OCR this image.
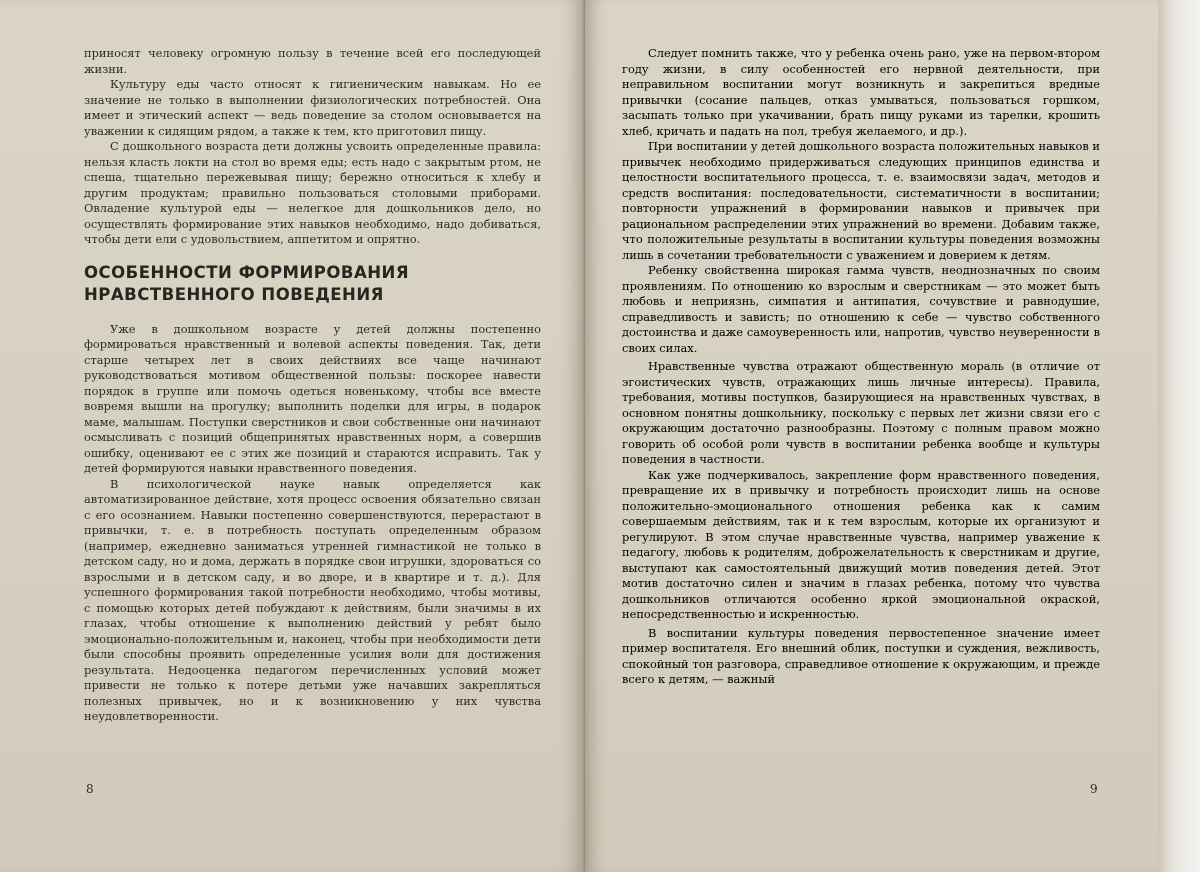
приносят человеку огромную пользу в течение всей его последующей жизни.

Культуру еды часто относят к гигиеническим навыкам. Но ее значение не только в выполнении физиологических потребностей. Она имеет и этический аспект — ведь поведение за столом основывается на уважении к сидящим рядом, а также к тем, кто приготовил пищу.

С дошкольного возраста дети должны усвоить определенные правила: нельзя класть локти на стол во время еды; есть надо с закрытым ртом, не спеша, тщательно пережевывая пищу; бережно относиться к хлебу и другим продуктам; правильно пользоваться столовыми приборами. Овладение культурой еды — нелегкое для дошкольников дело, но осуществлять формирование этих навыков необходимо, надо добиваться, чтобы дети ели с удовольствием, аппетитом и опрятно.

ОСОБЕННОСТИ ФОРМИРОВАНИЯ
НРАВСТВЕННОГО ПОВЕДЕНИЯ

Уже в дошкольном возрасте у детей должны постепенно формироваться нравственный и волевой аспекты поведения. Так, дети старше четырех лет в своих действиях все чаще начинают руководствоваться мотивом общественной пользы: поскорее навести порядок в группе или помочь одеться новенькому, чтобы все вместе вовремя вышли на прогулку; выполнить поделки для игры, в подарок маме, малышам. Поступки сверстников и свои собственные они начинают осмысливать с позиций общепринятых нравственных норм, а совершив ошибку, оценивают ее с этих же позиций и стараются исправить. Так у детей формируются навыки нравственного поведения.

В психологической науке навык определяется как автоматизированное действие, хотя процесс освоения обязательно связан с его осознанием. Навыки постепенно совершенствуются, перерастают в привычки, т. е. в потребность поступать определенным образом (например, ежедневно заниматься утренней гимнастикой не только в детском саду, но и дома, держать в порядке свои игрушки, здороваться со взрослыми и в детском саду, и во дворе, и в квартире и т. д.). Для успешного формирования такой потребности необходимо, чтобы мотивы, с помощью которых детей побуждают к действиям, были значимы в их глазах, чтобы отношение к выполнению действий у ребят было эмоционально-положительным и, наконец, чтобы при необходимости дети были способны проявить определенные усилия воли для достижения результата. Недооценка педагогом перечисленных условий может привести не только к потере детьми уже начавших закрепляться полезных привычек, но и к возникновению у них чувства неудовлетворенности.

8

Следует помнить также, что у ребенка очень рано, уже на первом-втором году жизни, в силу особенностей его нервной деятельности, при неправильном воспитании могут возникнуть и закрепиться вредные привычки (сосание пальцев, отказ умываться, пользоваться горшком, засыпать только при укачивании, брать пищу руками из тарелки, крошить хлеб, кричать и падать на пол, требуя желаемого, и др.).

При воспитании у детей дошкольного возраста положительных навыков и привычек необходимо придерживаться следующих принципов единства и целостности воспитательного процесса, т. е. взаимосвязи задач, методов и средств воспитания: последовательности, систематичности в воспитании; повторности упражнений в формировании навыков и привычек при рациональном распределении этих упражнений во времени. Добавим также, что положительные результаты в воспитании культуры поведения возможны лишь в сочетании требовательности с уважением и доверием к детям.

Ребенку свойственна широкая гамма чувств, неоднозначных по своим проявлениям. По отношению ко взрослым и сверстникам — это может быть любовь и неприязнь, симпатия и антипатия, сочувствие и равнодушие, справедливость и зависть; по отношению к себе — чувство собственного достоинства и даже самоуверенность или, напротив, чувство неуверенности в своих силах.

Нравственные чувства отражают общественную мораль (в отличие от эгоистических чувств, отражающих лишь личные интересы). Правила, требования, мотивы поступков, базирующиеся на нравственных чувствах, в основном понятны дошкольнику, поскольку с первых лет жизни связи его с окружающим достаточно разнообразны. Поэтому с полным правом можно говорить об особой роли чувств в воспитании ребенка вообще и культуры поведения в частности.

Как уже подчеркивалось, закрепление форм нравственного поведения, превращение их в привычку и потребность происходит лишь на основе положительно-эмоционального отношения ребенка как к самим совершаемым действиям, так и к тем взрослым, которые их организуют и регулируют. В этом случае нравственные чувства, например уважение к педагогу, любовь к родителям, доброжелательность к сверстникам и другие, выступают как самостоятельный движущий мотив поведения детей. Этот мотив достаточно силен и значим в глазах ребенка, потому что чувства дошкольников отличаются особенно яркой эмоциональной окраской, непосредственностью и искренностью.

В воспитании культуры поведения первостепенное значение имеет пример воспитателя. Его внешний облик, поступки и суждения, вежливость, спокойный тон разговора, справедливое отношение к окружающим, и прежде всего к детям, — важный

9
